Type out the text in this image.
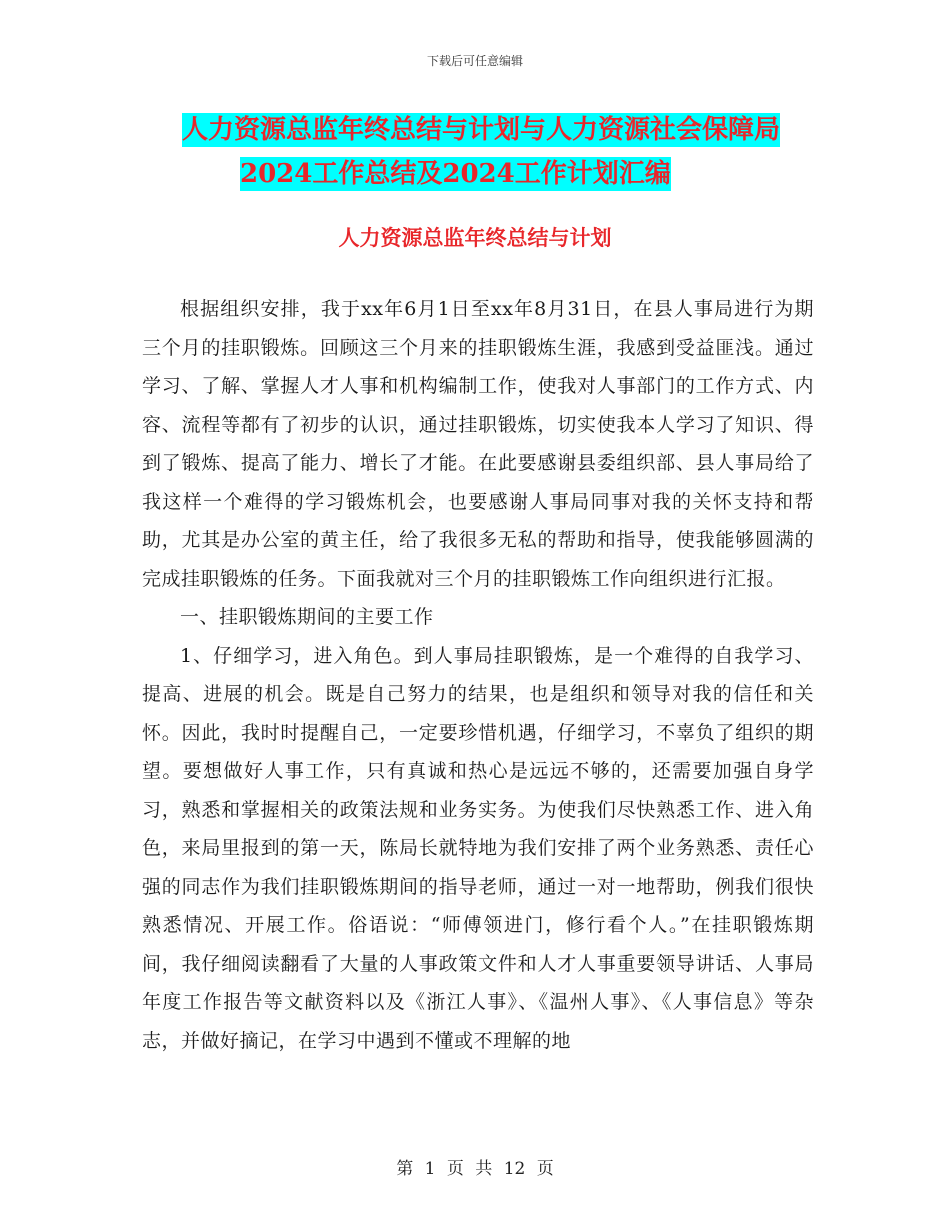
下载后可任意编辑
人力资源总监年终总结与计划与人力资源社会保障局
2024工作总结及2024工作计划汇编
人力资源总监年终总结与计划

根据组织安排，我于xx年6月1日至xx年8月31日，在县人事局进行为期三个月的挂职锻炼。回顾这三个月来的挂职锻炼生涯，我感到受益匪浅。通过学习、了解、掌握人才人事和机构编制工作，使我对人事部门的工作方式、内容、流程等都有了初步的认识，通过挂职锻炼，切实使我本人学习了知识、得到了锻炼、提高了能力、增长了才能。在此要感谢县委组织部、县人事局给了我这样一个难得的学习锻炼机会，也要感谢人事局同事对我的关怀支持和帮助，尤其是办公室的黄主任，给了我很多无私的帮助和指导，使我能够圆满的完成挂职锻炼的任务。下面我就对三个月的挂职锻炼工作向组织进行汇报。

一、挂职锻炼期间的主要工作

1、仔细学习，进入角色。到人事局挂职锻炼，是一个难得的自我学习、提高、进展的机会。既是自己努力的结果，也是组织和领导对我的信任和关怀。因此，我时时提醒自己，一定要珍惜机遇，仔细学习，不辜负了组织的期望。要想做好人事工作，只有真诚和热心是远远不够的，还需要加强自身学习，熟悉和掌握相关的政策法规和业务实务。为使我们尽快熟悉工作、进入角色，来局里报到的第一天，陈局长就特地为我们安排了两个业务熟悉、责任心强的同志作为我们挂职锻炼期间的指导老师，通过一对一地帮助，例我们很快熟悉情况、开展工作。俗语说：“师傅领进门，修行看个人。”在挂职锻炼期间，我仔细阅读翻看了大量的人事政策文件和人才人事重要领导讲话、人事局年度工作报告等文献资料以及《浙江人事》、《温州人事》、《人事信息》等杂志，并做好摘记，在学习中遇到不懂或不理解的地

第 1 页 共 12 页
